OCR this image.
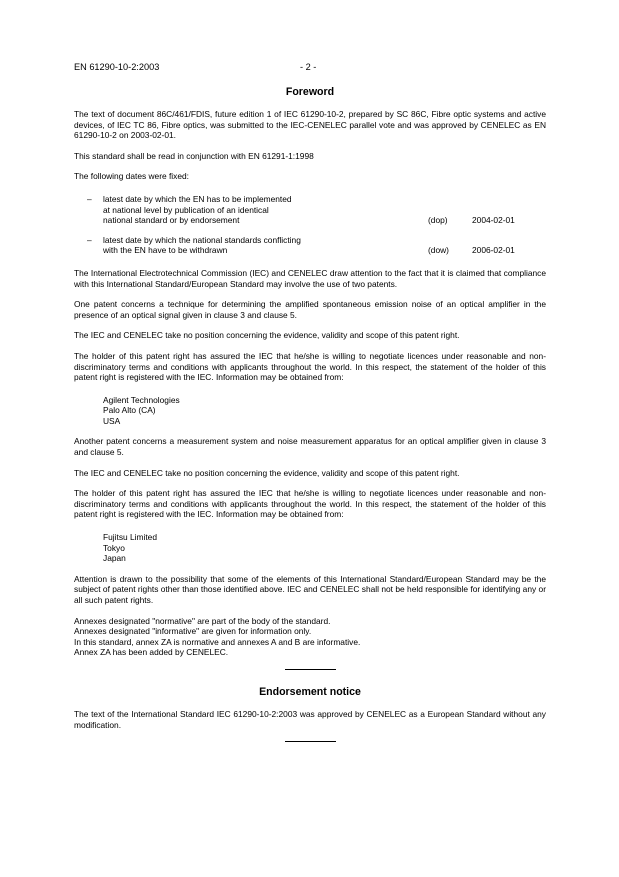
EN 61290-10-2:2003	- 2 -
Foreword

The text of document 86C/461/FDIS, future edition 1 of IEC 61290-10-2, prepared by SC 86C, Fibre optic systems and active devices, of IEC TC 86, Fibre optics, was submitted to the IEC-CENELEC parallel vote and was approved by CENELEC as EN 61290-10-2 on 2003-02-01.

This standard shall be read in conjunction with EN 61291-1:1998

The following dates were fixed:

– latest date by which the EN has to be implemented
at national level by publication of an identical
national standard or by endorsement	(dop)	2004-02-01
– latest date by which the national standards conflicting
with the EN have to be withdrawn	(dow)	2006-02-01

The International Electrotechnical Commission (IEC) and CENELEC draw attention to the fact that it is claimed that compliance with this International Standard/European Standard may involve the use of two patents.

One patent concerns a technique for determining the amplified spontaneous emission noise of an optical amplifier in the presence of an optical signal given in clause 3 and clause 5.

The IEC and CENELEC take no position concerning the evidence, validity and scope of this patent right.

The holder of this patent right has assured the IEC that he/she is willing to negotiate licences under reasonable and non-discriminatory terms and conditions with applicants throughout the world. In this respect, the statement of the holder of this patent right is registered with the IEC. Information may be obtained from:

Agilent Technologies
Palo Alto (CA)
USA

Another patent concerns a measurement system and noise measurement apparatus for an optical amplifier given in clause 3 and clause 5.

The IEC and CENELEC take no position concerning the evidence, validity and scope of this patent right.

The holder of this patent right has assured the IEC that he/she is willing to negotiate licences under reasonable and non-discriminatory terms and conditions with applicants throughout the world. In this respect, the statement of the holder of this patent right is registered with the IEC. Information may be obtained from:

Fujitsu Limited
Tokyo
Japan

Attention is drawn to the possibility that some of the elements of this International Standard/European Standard may be the subject of patent rights other than those identified above. IEC and CENELEC shall not be held responsible for identifying any or all such patent rights.

Annexes designated "normative" are part of the body of the standard.

Annexes designated "informative" are given for information only.

In this standard, annex ZA is normative and annexes A and B are informative.

Annex ZA has been added by CENELEC.

Endorsement notice

The text of the International Standard IEC 61290-10-2:2003 was approved by CENELEC as a European Standard without any modification.
